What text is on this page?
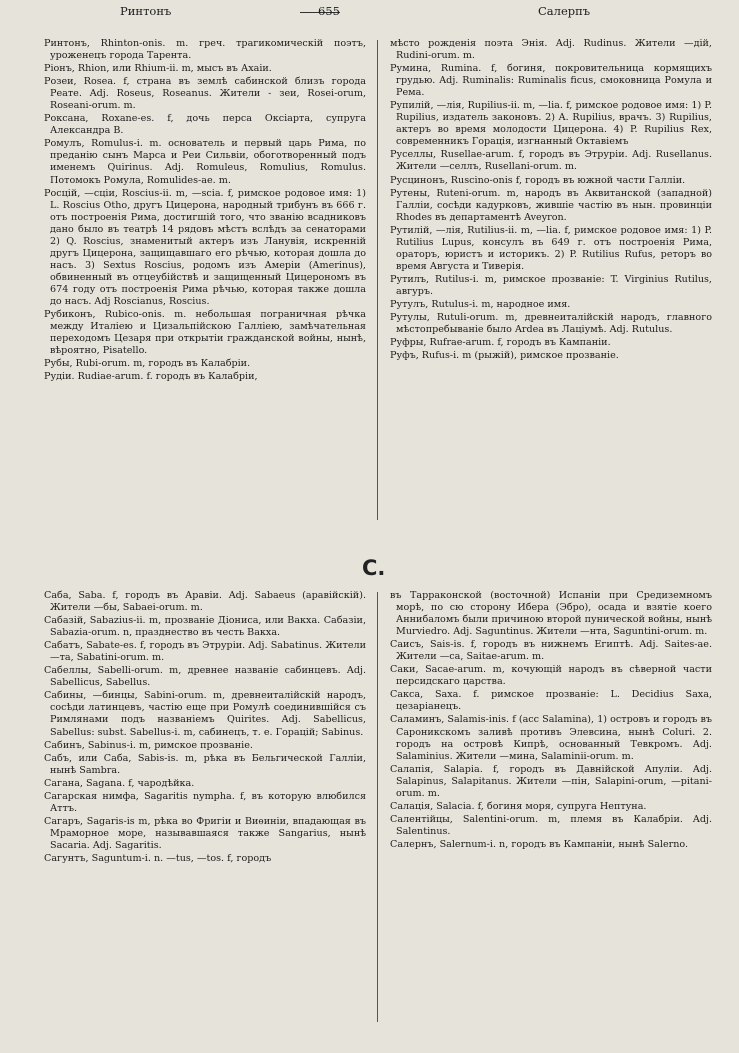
Ринтонъ	655	Салерпъ

Ринтонъ, Rhinton-onis. m. греч. трагикомическій поэтъ, уроженецъ города Тарента.

Ріонъ, Rhion, или Rhium-ii. m, мысъ въ Ахаіи.

Розеи, Rosea. f, страна въ землѣ сабинской близъ города Реате. Adj. Roseus, Roseanus. Жители - зеи, Rosei-orum, Roseani-orum. m.

Роксана, Roxane-es. f, дочь перса Оксіарта, супруга Александра В.

Ромулъ, Romulus-i. m. основатель и первый царь Рима, по преданію сынъ Марса и Реи Сильвіи, обоготворенный подъ именемъ Quirinus. Adj. Romuleus, Romulius, Romulus. Потомокъ Ромула, Romulides-ae. m.

Росцій, —сціи, Roscius-ii. m, —scia. f, римское родовое имя: 1) L. Roscius Otho, другъ Цицерона, народный трибунъ въ 666 г. отъ построенія Рима, достигшій того, что званію всадниковъ дано было въ театрѣ 14 рядовъ мѣстъ вслѣдъ за сенаторами 2) Q. Roscius, знаменитый актеръ изъ Ланувія, искренній другъ Цицерона, защищавшаго его рѣчью, которая дошла до насъ. 3) Sextus Roscius, родомъ изъ Амеріи (Amerinus), обвиненный въ отцеубійствѣ и защищенный Цицерономъ въ 674 году отъ построенія Рима рѣчью, которая также дошла до насъ. Adj Roscianus, Roscius.

Рубиконъ, Rubico-onis. m. небольшая пограничная рѣчка между Италіею и Цизальпійскою Галліею, замѣчательная переходомъ Цезаря при открытіи гражданской войны, нынѣ, вѣроятно, Pisatello.

Рубы, Rubi-orum. m, городъ въ Калабріи.

Рудіи. Rudiae-arum. f. городъ въ Калабріи,

мѣсто рожденія поэта Энія. Adj. Rudinus. Жители —дій, Rudini-orum. m.

Румина, Rumina. f, богиня, покровительница кормящихъ грудью. Adj. Ruminalis: Ruminalis ficus, смоковница Ромула и Рема.

Рупилій, —лія, Rupilius-ii. m, —lia. f, римское родовое имя: 1) P. Rupilius, издатель законовъ. 2) A. Rupilius, врачъ. 3) Rupilius, актеръ во время молодости Цицерона. 4) P. Rupilius Rex, современникъ Горація, изгнанный Октавіемъ

Руселлы, Rusellae-arum. f, городъ въ Этруріи. Adj. Rusellanus. Жители —селлъ, Rusellani-orum. m.

Русцинонъ, Ruscino-onis f, городъ въ южной части Галліи.

Рутены, Ruteni-orum. m, народъ въ Аквитанской (западной) Галліи, сосѣди кадурковъ, жившіе частію въ нын. провинціи Rhodes въ департаментѣ Aveyron.

Рутилій, —лія, Rutilius-ii. m, —lia. f, римское родовое имя: 1) P. Rutilius Lupus, консулъ въ 649 г. отъ построенія Рима, ораторъ, юристъ и историкъ. 2) P. Rutilius Rufus, реторъ во время Августа и Тиверія.

Рутилъ, Rutilus-i. m, римское прозваніе: T. Virginius Rutilus, авгуръ.

Рутулъ, Rutulus-i. m, народное имя.

Рутулы, Rutuli-orum. m, древнеиталійскій народъ, главного мѣстопребываніе было Ardea въ Лаціумѣ. Adj. Rutulus.

Руфры, Rufrae-arum. f, городъ въ Кампаніи.

Руфъ, Rufus-i. m (рыжій), римское прозваніе.

C.

Саба, Saba. f, городъ въ Аравіи. Adj. Sabaeus (аравійскій). Жители —бы, Sabaei-orum. m.

Сабазій, Sabazius-ii. m, прозваніе Діониса, или Вакха. Сабазіи, Sabazia-orum. n, празднество въ честь Вакха.

Сабатъ, Sabate-es. f, городъ въ Этруріи. Adj. Sabatinus. Жители —та, Sabatini-orum. m.

Сабеллы, Sabelli-orum. m, древнее названіе сабинцевъ. Adj. Sabellicus, Sabellus.

Сабины, —бинцы, Sabini-orum. m, древнеиталійскій народъ, сосѣди латинцевъ, частію еще при Ромулѣ соединившійся съ Римлянами подъ названіемъ Quirites. Adj. Sabellicus, Sabellus: subst. Sabellus-i. m, сабинецъ, т. е. Горацій; Sabinus.

Сабинъ, Sabinus-i. m, римское прозваніе.

Сабъ, или Саба, Sabis-is. m, рѣка въ Бельгической Галліи, нынѣ Sambra.

Сагана, Sagana. f, чародѣйка.

Сагарская нимфа, Sagaritis nympha. f, въ которую влюбился Аттъ.

Сагаръ, Sagaris-is m, рѣка во Фригіи и Виѳиніи, впадающая въ Мраморное море, называвшаяся также Sangarius, нынѣ Sacaria. Adj. Sagaritis.

Сагунтъ, Saguntum-i. n. —tus, —tos. f, городъ

въ Тарраконской (восточной) Испаніи при Средиземномъ морѣ, по сю сторону Ибера (Эбро), осада и взятіе коего Аннибаломъ были причиною второй пунической войны, нынѣ Murviedro. Adj. Saguntinus. Жители —нта, Saguntini-orum. m.

Саисъ, Sais-is. f, городъ въ нижнемъ Египтѣ. Adj. Saites-ae. Жители —са, Saitae-arum. m.

Саки, Sacae-arum. m, кочующій народъ въ сѣверной части персидскаго царства.

Сакса, Saxa. f. римское прозваніе: L. Decidius Saxa, цезаріанецъ.

Саламинъ, Salamis-inis. f (acc Salamina), 1) островъ и городъ въ Сароникскомъ заливѣ противъ Элевсина, нынѣ Coluri. 2. городъ на островѣ Кипрѣ, основанный Тевкромъ. Adj. Salaminius. Жители —мина, Salaminii-orum. m.

Салапія, Salapia. f, городъ въ Давнійской Апуліи. Adj. Salapinus, Salapitanus. Жители —пін, Salapini-orum, —pitani-orum. m.

Салація, Salacia. f, богиня моря, супруга Нептуна.

Салентійцы, Salentini-orum. m, племя въ Калабріи. Adj. Salentinus.

Салернъ, Salernum-i. n, городъ въ Кампаніи, нынѣ Salerno.
